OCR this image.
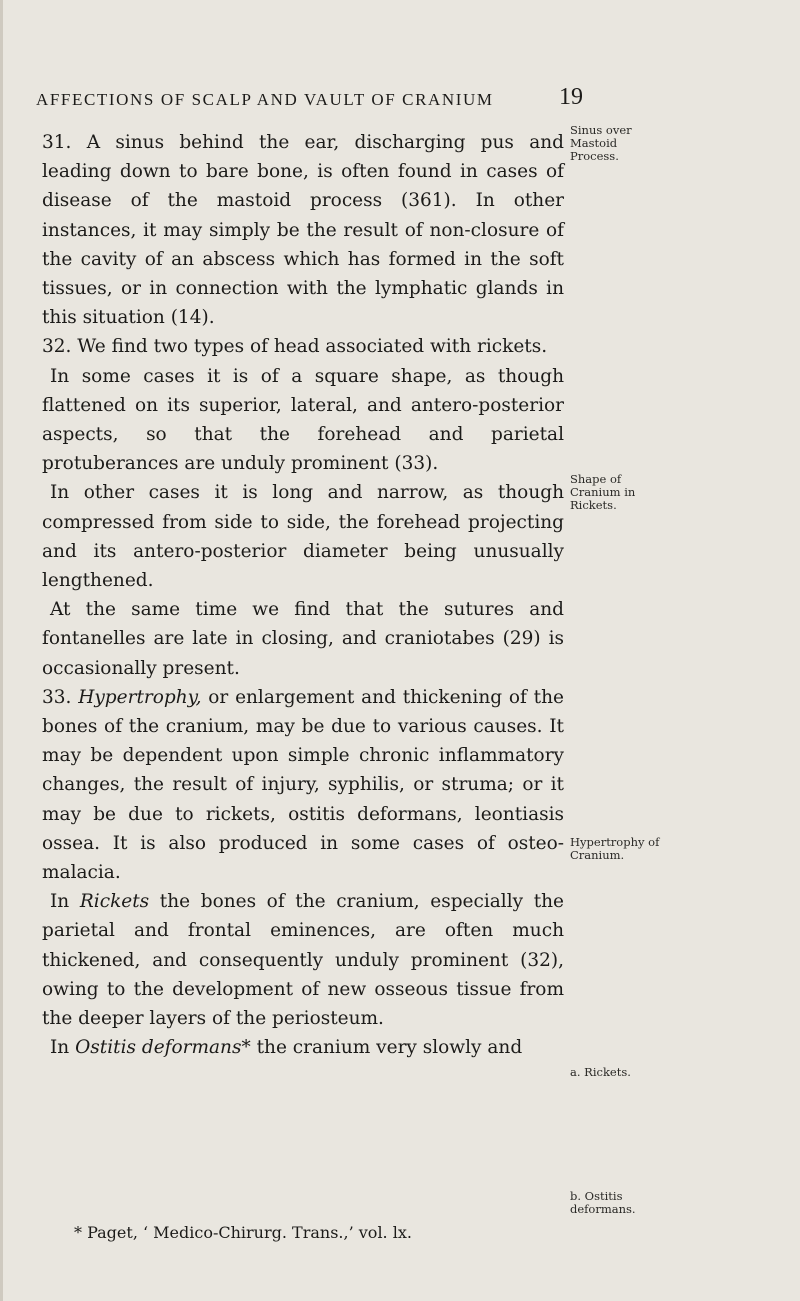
AFFECTIONS OF SCALP AND VAULT OF CRANIUM	19

31. A sinus behind the ear, discharging pus and leading down to bare bone, is often found in cases of disease of the mastoid process (361). In other instances, it may simply be the result of non-closure of the cavity of an abscess which has formed in the soft tissues, or in connection with the lymphatic glands in this situation (14).

32. We find two types of head associated with rickets.

In some cases it is of a square shape, as though flattened on its superior, lateral, and antero-posterior aspects, so that the forehead and parietal protuberances are unduly prominent (33).

In other cases it is long and narrow, as though compressed from side to side, the forehead projecting and its antero-posterior diameter being unusually lengthened.

At the same time we find that the sutures and fontanelles are late in closing, and craniotabes (29) is occasionally present.

33. Hypertrophy, or enlargement and thickening of the bones of the cranium, may be due to various causes. It may be dependent upon simple chronic inflammatory changes, the result of injury, syphilis, or struma; or it may be due to rickets, ostitis deformans, leontiasis ossea. It is also produced in some cases of osteo-malacia.

In Rickets the bones of the cranium, especially the parietal and frontal eminences, are often much thickened, and consequently unduly prominent (32), owing to the development of new osseous tissue from the deeper layers of the periosteum.

In Ostitis deformans* the cranium very slowly and

* Paget, ‘ Medico-Chirurg. Trans.,’ vol. lx.
Sinus over Mastoid Process.
Shape of Cranium in Rickets.
Hypertrophy of Cranium.
a. Rickets.
b. Ostitis deformans.
